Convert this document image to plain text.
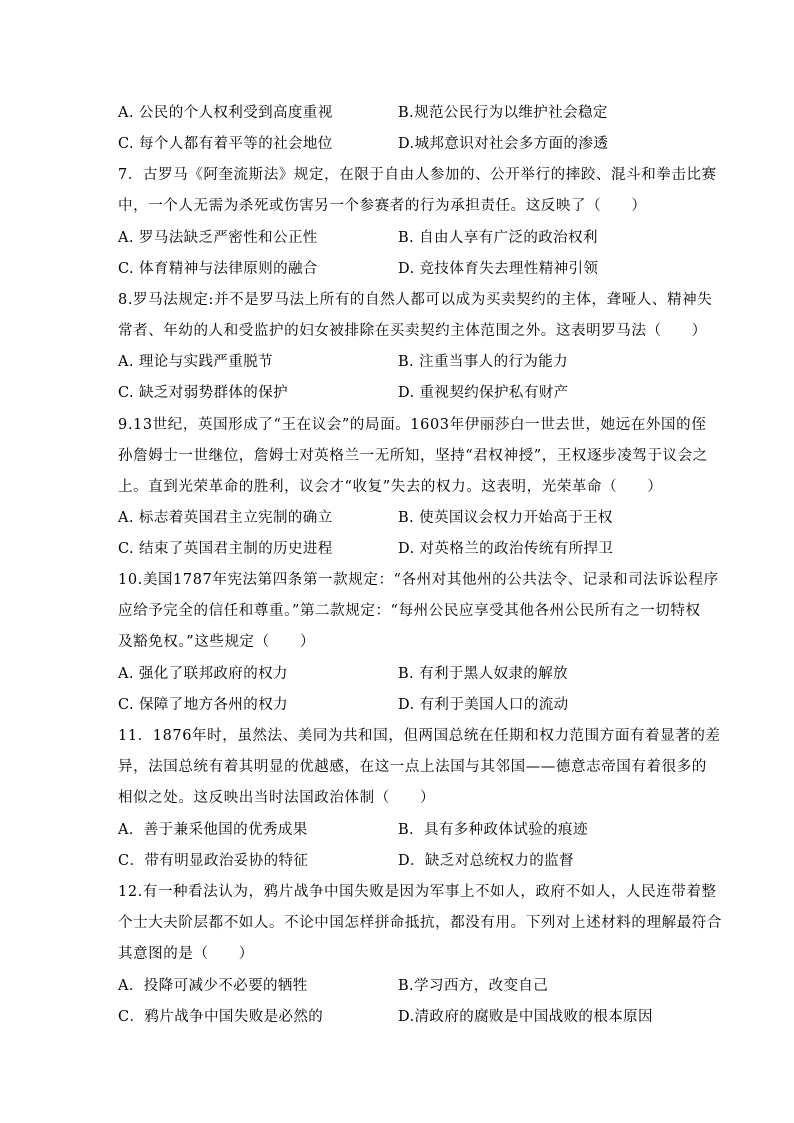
A. 公民的个人权利受到高度重视	B.规范公民行为以维护社会稳定
C. 每个人都有着平等的社会地位	D.城邦意识对社会多方面的渗透
7．古罗马《阿奎流斯法》规定，在限于自由人参加的、公开举行的摔跤、混斗和拳击比赛
中，一个人无需为杀死或伤害另一个参赛者的行为承担责任。这反映了（　　）
A. 罗马法缺乏严密性和公正性	B. 自由人享有广泛的政治权利
C. 体育精神与法律原则的融合	D. 竞技体育失去理性精神引领
8.罗马法规定:并不是罗马法上所有的自然人都可以成为买卖契约的主体，聋哑人、精神失
常者、年幼的人和受监护的妇女被排除在买卖契约主体范围之外。这表明罗马法（　　）
A. 理论与实践严重脱节	B. 注重当事人的行为能力
C. 缺乏对弱势群体的保护	D. 重视契约保护私有财产
9.13世纪，英国形成了“王在议会”的局面。1603年伊丽莎白一世去世，她远在外国的侄
孙詹姆士一世继位，詹姆士对英格兰一无所知，坚持“君权神授”，王权逐步凌驾于议会之
上。直到光荣革命的胜利，议会才“收复”失去的权力。这表明，光荣革命（　　）
A. 标志着英国君主立宪制的确立	B. 使英国议会权力开始高于王权
C. 结束了英国君主制的历史进程	D. 对英格兰的政治传统有所捍卫
10.美国1787年宪法第四条第一款规定：“各州对其他州的公共法令、记录和司法诉讼程序
应给予完全的信任和尊重。”第二款规定：“每州公民应享受其他各州公民所有之一切特权
及豁免权。”这些规定（　　）
A. 强化了联邦政府的权力	B. 有利于黑人奴隶的解放
C. 保障了地方各州的权力	D. 有利于美国人口的流动
11．1876年时，虽然法、美同为共和国，但两国总统在任期和权力范围方面有着显著的差
异，法国总统有着其明显的优越感，在这一点上法国与其邻国——德意志帝国有着很多的
相似之处。这反映出当时法国政治体制（　　）
A．善于兼采他国的优秀成果	B．具有多种政体试验的痕迹
C．带有明显政治妥协的特征	D．缺乏对总统权力的监督
12.有一种看法认为，鸦片战争中国失败是因为军事上不如人，政府不如人，人民连带着整
个士大夫阶层都不如人。不论中国怎样拼命抵抗，都没有用。下列对上述材料的理解最符合
其意图的是（　　）
A．投降可减少不必要的牺牲	B.学习西方，改变自己
C．鸦片战争中国失败是必然的	D.清政府的腐败是中国战败的根本原因
